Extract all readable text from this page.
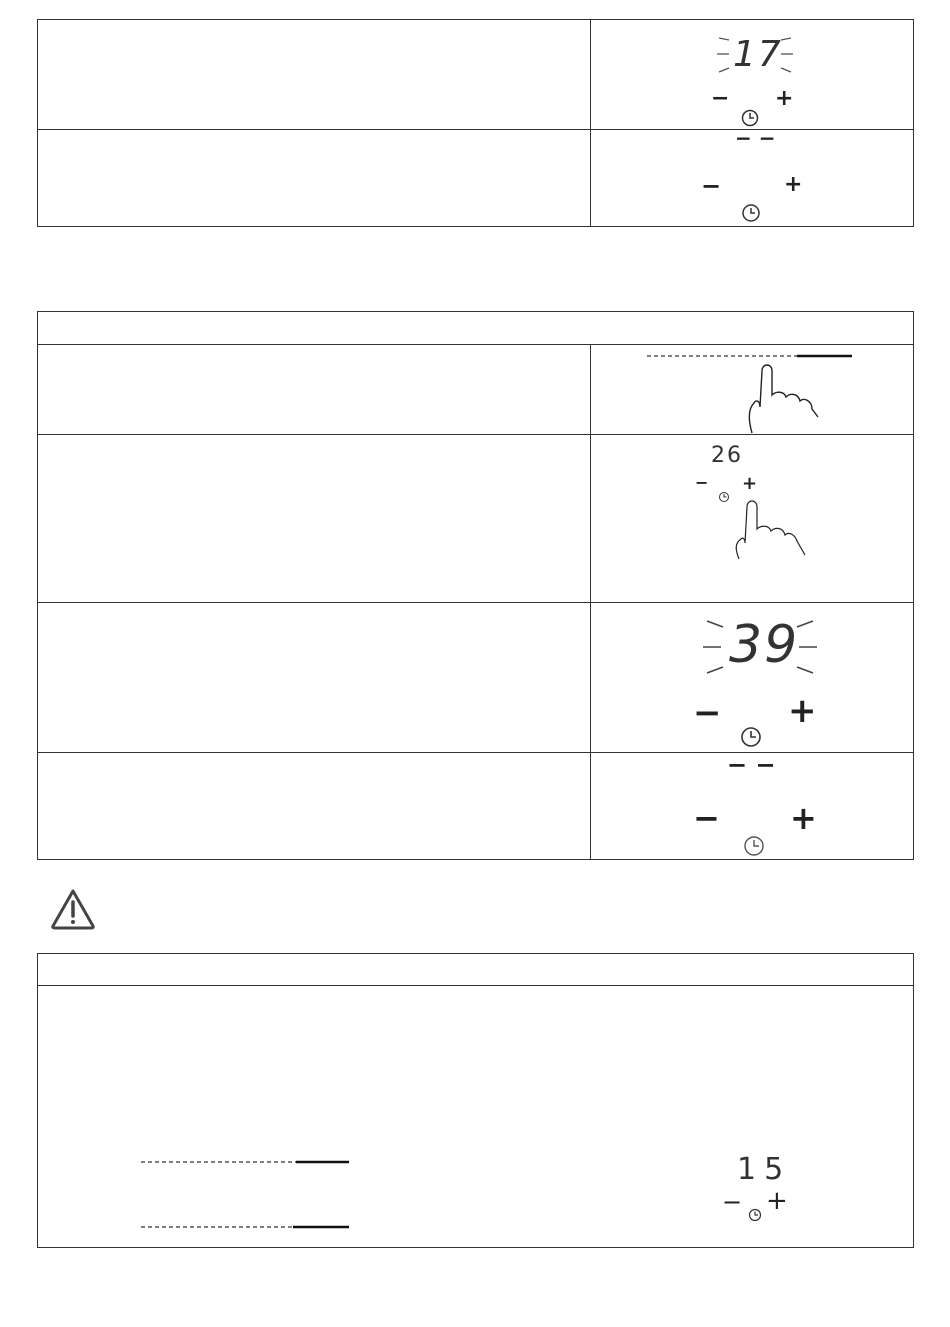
17
− +
− −
−	+
26
− +
39
− +
− −
− +
15
− +
